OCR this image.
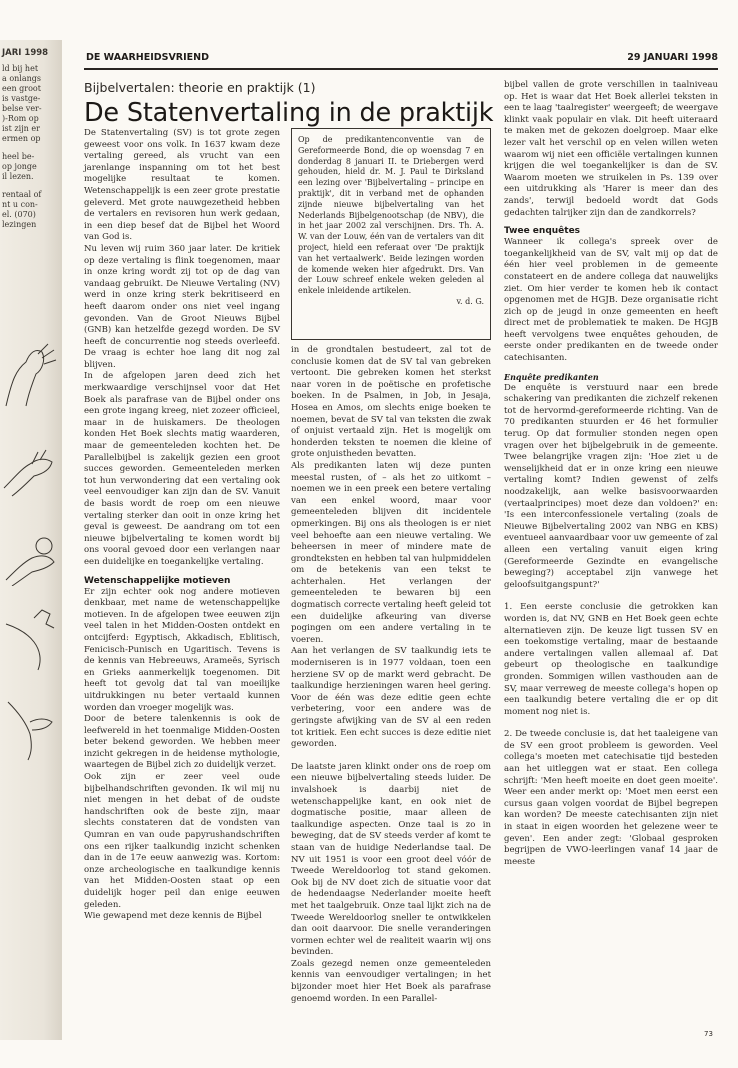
JARI 1998
ld bij het
a onlangs
een groot
is vastge-
belse ver-
)-Rom op
ist zijn er
ermen op
heel be-
op jonge
il lezen.
rentaal of
nt u con-
el. (070)
lezingen
DE WAARHEIDSVRIEND	29 JANUARI 1998
Bijbelvertalen: theorie en praktijk (1)
De Statenvertaling in de praktijk

De Statenvertaling (SV) is tot grote zegen geweest voor ons volk. In 1637 kwam deze vertaling gereed, als vrucht van een jarenlange inspanning om tot het best mogelijke resultaat te komen. Wetenschappelijk is een zeer grote prestatie geleverd. Met grote nauwgezetheid hebben de vertalers en revisoren hun werk gedaan, in een diep besef dat de Bijbel het Woord van God is.

Nu leven wij ruim 360 jaar later. De kritiek op deze vertaling is flink toegenomen, maar in onze kring wordt zij tot op de dag van vandaag gebruikt. De Nieuwe Vertaling (NV) werd in onze kring sterk bekritiseerd en heeft daarom onder ons niet veel ingang gevonden. Van de Groot Nieuws Bijbel (GNB) kan hetzelfde gezegd worden. De SV heeft de concurrentie nog steeds overleefd. De vraag is echter hoe lang dit nog zal blijven.

In de afgelopen jaren deed zich het merkwaardige verschijnsel voor dat Het Boek als parafrase van de Bijbel onder ons een grote ingang kreeg, niet zozeer officieel, maar in de huiskamers. De theologen konden Het Boek slechts matig waarderen, maar de gemeenteleden kochten het. De Parallelbijbel is zakelijk gezien een groot succes geworden. Gemeenteleden merken tot hun verwondering dat een vertaling ook veel eenvoudiger kan zijn dan de SV. Vanuit de basis wordt de roep om een nieuwe vertaling sterker dan ooit in onze kring het geval is geweest. De aandrang om tot een nieuwe bijbelvertaling te komen wordt bij ons vooral gevoed door een verlangen naar een duidelijke en toegankelijke vertaling.

Wetenschappelijke motieven

Er zijn echter ook nog andere motieven denkbaar, met name de wetenschappelijke motieven. In de afgelopen twee eeuwen zijn veel talen in het Midden-Oosten ontdekt en ontcijferd: Egyptisch, Akkadisch, Eblitisch, Fenicisch-Punisch en Ugaritisch. Tevens is de kennis van Hebreeuws, Arameës, Syrisch en Grieks aanmerkelijk toegenomen. Dit heeft tot gevolg dat tal van moeilijke uitdrukkingen nu beter vertaald kunnen worden dan vroeger mogelijk was.

Door de betere talenkennis is ook de leefwereld in het toenmalige Midden-Oosten beter bekend geworden. We hebben meer inzicht gekregen in de heidense mythologie, waartegen de Bijbel zich zo duidelijk verzet.

Ook zijn er zeer veel oude bijbelhandschriften gevonden. Ik wil mij nu niet mengen in het debat of de oudste handschriften ook de beste zijn, maar slechts constateren dat de vondsten van Qumran en van oude papyrushandschriften ons een rijker taalkundig inzicht schenken dan in de 17e eeuw aanwezig was. Kortom: onze archeologische en taalkundige kennis van het Midden-Oosten staat op een duidelijk hoger peil dan enige eeuwen geleden.

Wie gewapend met deze kennis de Bijbel

Op de predikantenconventie van de Gereformeerde Bond, die op woensdag 7 en donderdag 8 januari II. te Driebergen werd gehouden, hield dr. M. J. Paul te Dirksland een lezing over 'Bijbelvertaling – principe en praktijk', dit in verband met de ophanden zijnde nieuwe bijbelvertaling van het Nederlands Bijbelgenootschap (de NBV), die in het jaar 2002 zal verschijnen. Drs. Th. A. W. van der Louw, één van de vertalers van dit project, hield een referaat over 'De praktijk van het vertaalwerk'. Beide lezingen worden de komende weken hier afgedrukt. Drs. Van der Louw schreef enkele weken geleden al enkele inleidende artikelen.
v. d. G.

in de grondtalen bestudeert, zal tot de conclusie komen dat de SV tal van gebreken vertoont. Die gebreken komen het sterkst naar voren in de poëtische en profetische boeken. In de Psalmen, in Job, in Jesaja, Hosea en Amos, om slechts enige boeken te noemen, bevat de SV tal van teksten die zwak of onjuist vertaald zijn. Het is mogelijk om honderden teksten te noemen die kleine of grote onjuistheden bevatten.

Als predikanten laten wij deze punten meestal rusten, of – als het zo uitkomt – noemen we in een preek een betere vertaling van een enkel woord, maar voor gemeenteleden blijven dit incidentele opmerkingen. Bij ons als theologen is er niet veel behoefte aan een nieuwe vertaling. We beheersen in meer of mindere mate de grondteksten en hebben tal van hulpmiddelen om de betekenis van een tekst te achterhalen. Het verlangen der gemeenteleden te bewaren bij een dogmatisch correcte vertaling heeft geleid tot een duidelijke afkeuring van diverse pogingen om een andere vertaling in te voeren.

Aan het verlangen de SV taalkundig iets te moderniseren is in 1977 voldaan, toen een herziene SV op de markt werd gebracht. De taalkundige herzieningen waren heel gering. Voor de één was deze editie geen echte verbetering, voor een andere was de geringste afwijking van de SV al een reden tot kritiek. Een echt succes is deze editie niet geworden.

De laatste jaren klinkt onder ons de roep om een nieuwe bijbelvertaling steeds luider. De invalshoek is daarbij niet de wetenschappelijke kant, en ook niet de dogmatische positie, maar alleen de taalkundige aspecten. Onze taal is zo in beweging, dat de SV steeds verder af komt te staan van de huidige Nederlandse taal. De NV uit 1951 is voor een groot deel vóór de Tweede Wereldoorlog tot stand gekomen. Ook bij de NV doet zich de situatie voor dat de hedendaagse Nederlander moeite heeft met het taalgebruik. Onze taal lijkt zich na de Tweede Wereldoorlog sneller te ontwikkelen dan ooit daarvoor. Die snelle veranderingen vormen echter wel de realiteit waarin wij ons bevinden.

Zoals gezegd nemen onze gemeenteleden kennis van eenvoudiger vertalingen; in het bijzonder moet hier Het Boek als parafrase genoemd worden. In een Parallel-

bijbel vallen de grote verschillen in taalniveau op. Het is waar dat Het Boek allerlei teksten in een te laag 'taalregister' weergeeft; de weergave klinkt vaak populair en vlak. Dit heeft uiteraard te maken met de gekozen doelgroep. Maar elke lezer valt het verschil op en velen willen weten waarom wij niet een officiële vertalingen kunnen krijgen die wel toegankelijker is dan de SV. Waarom moeten we struikelen in Ps. 139 over een uitdrukking als 'Harer is meer dan des zands', terwijl bedoeld wordt dat Gods gedachten talrijker zijn dan de zandkorrels?

Twee enquêtes

Wanneer ik collega's spreek over de toegankelijkheid van de SV, valt mij op dat de één hier veel problemen in de gemeente constateert en de andere collega dat nauwelijks ziet. Om hier verder te komen heb ik contact opgenomen met de HGJB. Deze organisatie richt zich op de jeugd in onze gemeenten en heeft direct met de problematiek te maken. De HGJB heeft vervolgens twee enquêtes gehouden, de eerste onder predikanten en de tweede onder catechisanten.

Enquête predikanten

De enquête is verstuurd naar een brede schakering van predikanten die zichzelf rekenen tot de hervormd-gereformeerde richting. Van de 70 predikanten stuurden er 46 het formulier terug. Op dat formulier stonden negen open vragen over het bijbelgebruik in de gemeente. Twee belangrijke vragen zijn: 'Hoe ziet u de wenselijkheid dat er in onze kring een nieuwe vertaling komt? Indien gewenst of zelfs noodzakelijk, aan welke basisvoorwaarden (vertaalprincipes) moet deze dan voldoen?' en: 'Is een interconfessionele vertaling (zoals de Nieuwe Bijbelvertaling 2002 van NBG en KBS) eventueel aanvaardbaar voor uw gemeente of zal alleen een vertaling vanuit eigen kring (Gereformeerde Gezindte en evangelische beweging?) acceptabel zijn vanwege het geloofsuitgangspunt?'

1. Een eerste conclusie die getrokken kan worden is, dat NV, GNB en Het Boek geen echte alternatieven zijn. De keuze ligt tussen SV en een toekomstige vertaling, maar de bestaande andere vertalingen vallen allemaal af. Dat gebeurt op theologische en taalkundige gronden. Sommigen willen vasthouden aan de SV, maar verreweg de meeste collega's hopen op een taalkundig betere vertaling die er op dit moment nog niet is.

2. De tweede conclusie is, dat het taaleigene van de SV een groot probleem is geworden. Veel collega's moeten met catechisatie tijd besteden aan het uitleggen wat er staat. Een collega schrijft: 'Men heeft moeite en doet geen moeite'. Weer een ander merkt op: 'Moet men eerst een cursus gaan volgen voordat de Bijbel begrepen kan worden? De meeste catechisanten zijn niet in staat in eigen woorden het gelezene weer te geven'. Een ander zegt: 'Globaal gesproken begrijpen de VWO-leerlingen vanaf 14 jaar de meeste

73
